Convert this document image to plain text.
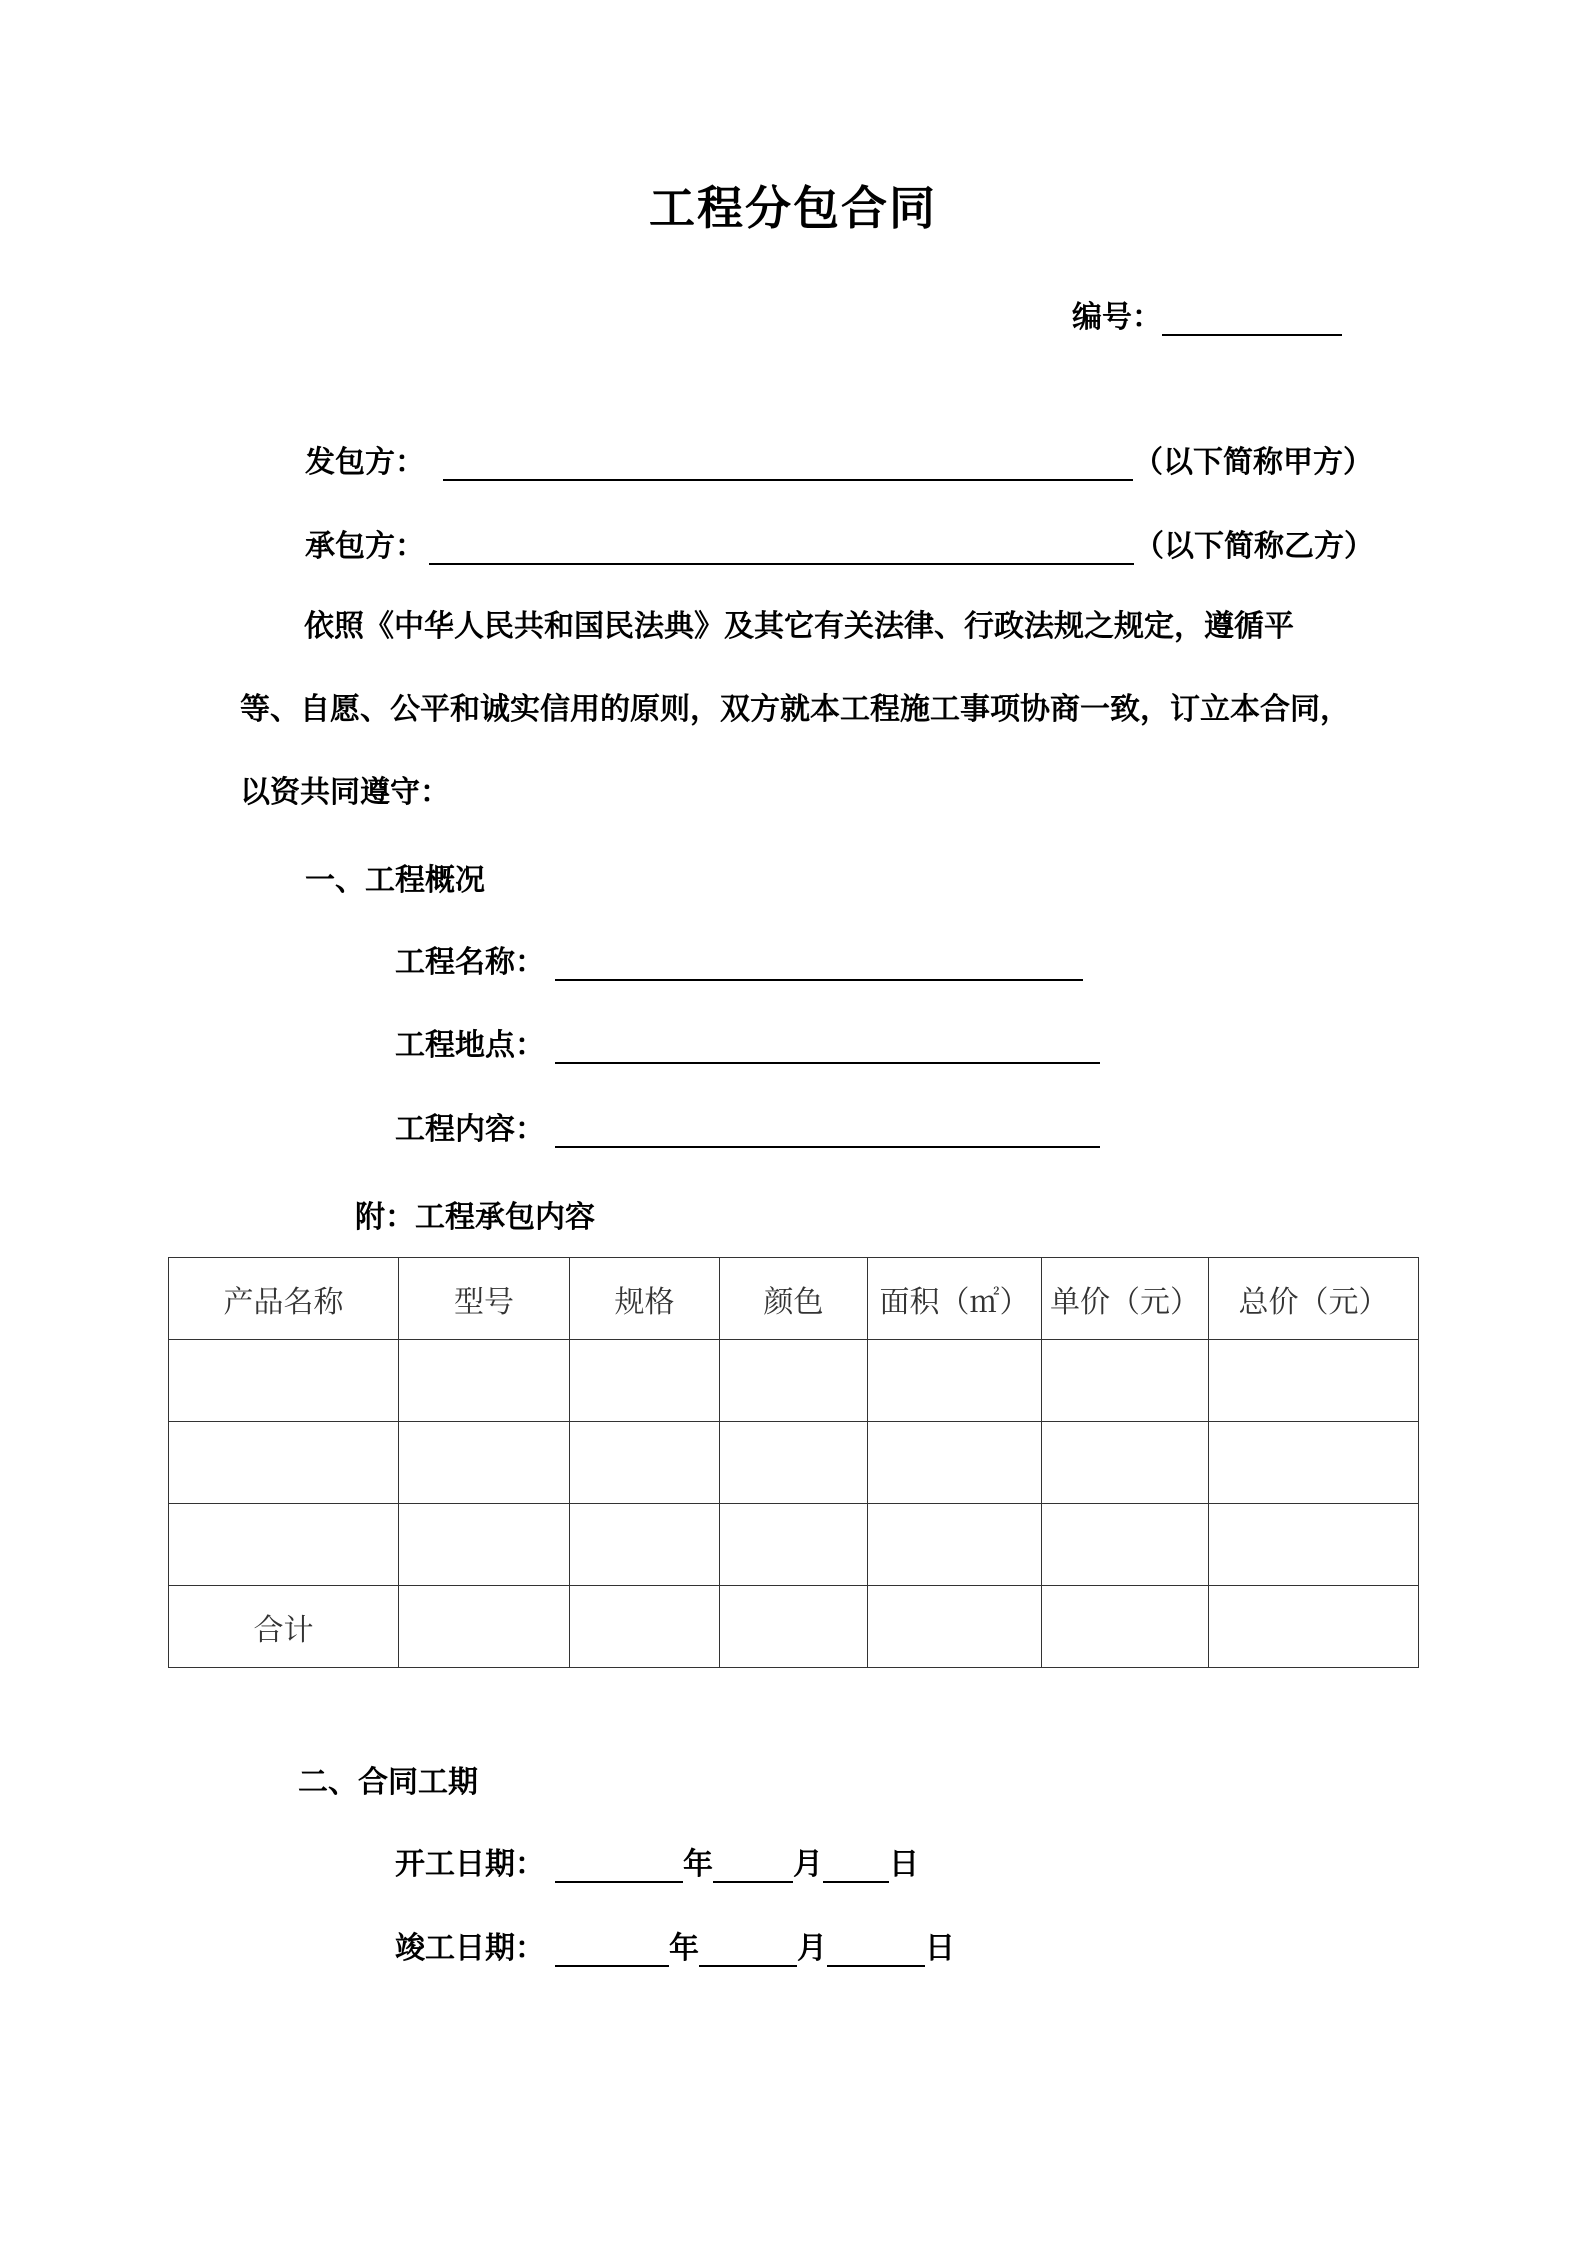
工程分包合同
编号：
发包方：	（以下简称甲方）
承包方：	（以下简称乙方）
依照《中华人民共和国民法典》及其它有关法律、行政法规之规定，遵循平等、自愿、公平和诚实信用的原则，双方就本工程施工事项协商一致，订立本合同，以资共同遵守：
一、工程概况
工程名称：
工程地点：
工程内容：
附：工程承包内容
产品名称	型号	规格	颜色	面积（㎡）	单价（元）	总价（元）

合计						
二、合同工期
开工日期：	年	月 日
竣工日期：	年	月	日
